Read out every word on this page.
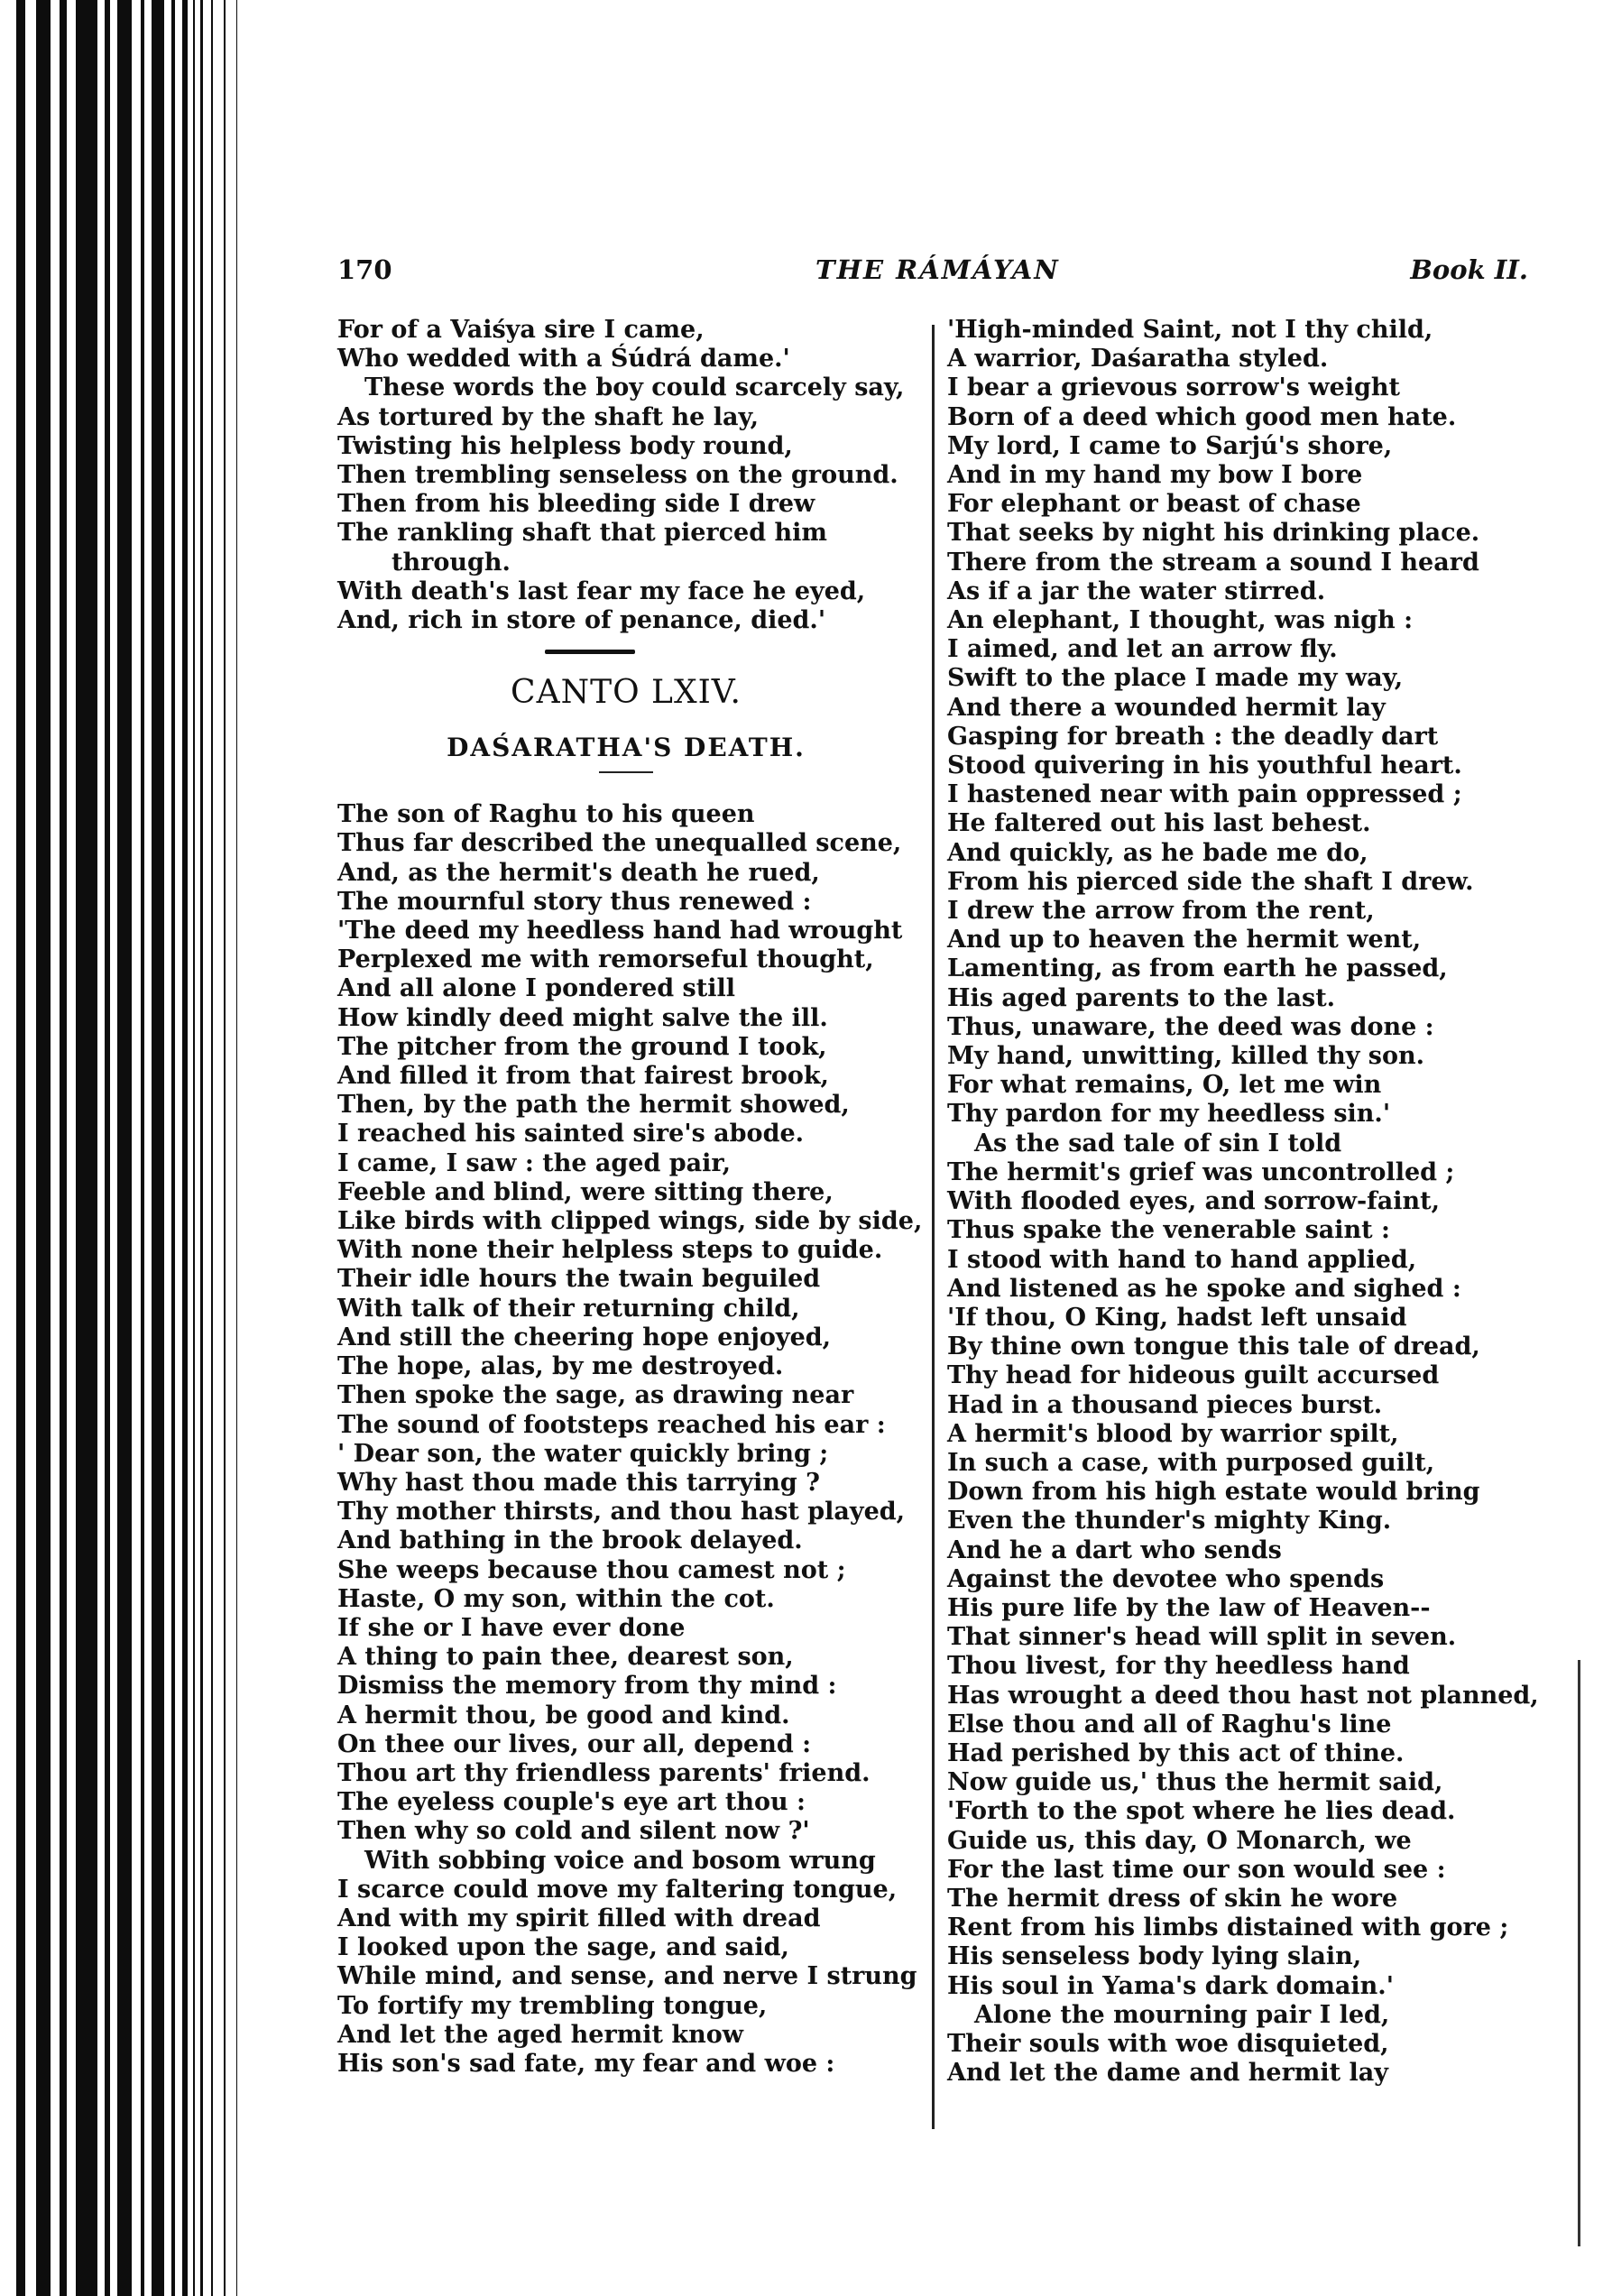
170	THE RÁMÁYAN	Book II.
For of a Vaiśya sire I came,
Who wedded with a Śúdrá dame.'
These words the boy could scarcely say,
As tortured by the shaft he lay,
Twisting his helpless body round,
Then trembling senseless on the ground.
Then from his bleeding side I drew
The rankling shaft that pierced him
through.
With death's last fear my face he eyed,
And, rich in store of penance, died.'
CANTO LXIV.
DAŚARATHA'S DEATH.
The son of Raghu to his queen
Thus far described the unequalled scene,
And, as the hermit's death he rued,
The mournful story thus renewed :
'The deed my heedless hand had wrought
Perplexed me with remorseful thought,
And all alone I pondered still
How kindly deed might salve the ill.
The pitcher from the ground I took,
And filled it from that fairest brook,
Then, by the path the hermit showed,
I reached his sainted sire's abode.
I came, I saw : the aged pair,
Feeble and blind, were sitting there,
Like birds with clipped wings, side by side,
With none their helpless steps to guide.
Their idle hours the twain beguiled
With talk of their returning child,
And still the cheering hope enjoyed,
The hope, alas, by me destroyed.
Then spoke the sage, as drawing near
The sound of footsteps reached his ear :
' Dear son, the water quickly bring ;
Why hast thou made this tarrying ?
Thy mother thirsts, and thou hast played,
And bathing in the brook delayed.
She weeps because thou camest not ;
Haste, O my son, within the cot.
If she or I have ever done
A thing to pain thee, dearest son,
Dismiss the memory from thy mind :
A hermit thou, be good and kind.
On thee our lives, our all, depend :
Thou art thy friendless parents' friend.
The eyeless couple's eye art thou :
Then why so cold and silent now ?'
With sobbing voice and bosom wrung
I scarce could move my faltering tongue,
And with my spirit filled with dread
I looked upon the sage, and said,
While mind, and sense, and nerve I strung
To fortify my trembling tongue,
And let the aged hermit know
His son's sad fate, my fear and woe :
'High-minded Saint, not I thy child,
A warrior, Daśaratha styled.
I bear a grievous sorrow's weight
Born of a deed which good men hate.
My lord, I came to Sarjú's shore,
And in my hand my bow I bore
For elephant or beast of chase
That seeks by night his drinking place.
There from the stream a sound I heard
As if a jar the water stirred.
An elephant, I thought, was nigh :
I aimed, and let an arrow fly.
Swift to the place I made my way,
And there a wounded hermit lay
Gasping for breath : the deadly dart
Stood quivering in his youthful heart.
I hastened near with pain oppressed ;
He faltered out his last behest.
And quickly, as he bade me do,
From his pierced side the shaft I drew.
I drew the arrow from the rent,
And up to heaven the hermit went,
Lamenting, as from earth he passed,
His aged parents to the last.
Thus, unaware, the deed was done :
My hand, unwitting, killed thy son.
For what remains, O, let me win
Thy pardon for my heedless sin.'
As the sad tale of sin I told
The hermit's grief was uncontrolled ;
With flooded eyes, and sorrow-faint,
Thus spake the venerable saint :
I stood with hand to hand applied,
And listened as he spoke and sighed :
'If thou, O King, hadst left unsaid
By thine own tongue this tale of dread,
Thy head for hideous guilt accursed
Had in a thousand pieces burst.
A hermit's blood by warrior spilt,
In such a case, with purposed guilt,
Down from his high estate would bring
Even the thunder's mighty King.
And he a dart who sends
Against the devotee who spends
His pure life by the law of Heaven--
That sinner's head will split in seven.
Thou livest, for thy heedless hand
Has wrought a deed thou hast not planned,
Else thou and all of Raghu's line
Had perished by this act of thine.
Now guide us,' thus the hermit said,
'Forth to the spot where he lies dead.
Guide us, this day, O Monarch, we
For the last time our son would see :
The hermit dress of skin he wore
Rent from his limbs distained with gore ;
His senseless body lying slain,
His soul in Yama's dark domain.'
Alone the mourning pair I led,
Their souls with woe disquieted,
And let the dame and hermit lay
